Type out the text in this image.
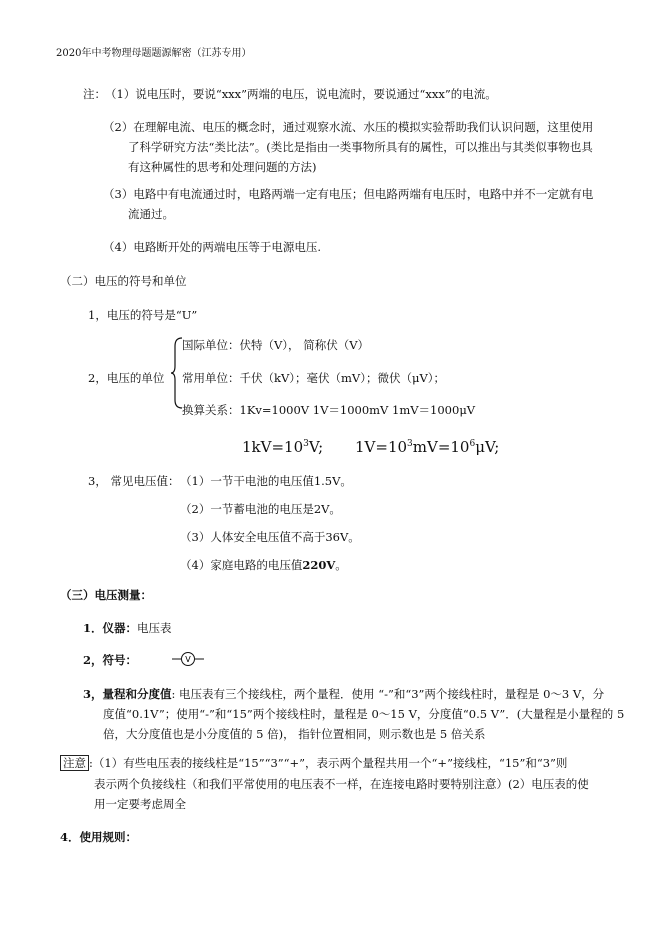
2020年中考物理母题题源解密（江苏专用）
注： （1）说电压时，要说“xxx”两端的电压，说电流时，要说通过“xxx”的电流。
（2）在理解电流、电压的概念时，通过观察水流、水压的模拟实验帮助我们认识问题，这里使用
了科学研究方法“类比法”。(类比是指由一类事物所具有的属性，可以推出与其类似事物也具
有这种属性的思考和处理问题的方法)
（3）电路中有电流通过时，电路两端一定有电压；但电路两端有电压时，电路中并不一定就有电
流通过。
（4）电路断开处的两端电压等于电源电压.
（二）电压的符号和单位
1，电压的符号是“U”
2，电压的单位
国际单位：伏特（V）， 简称伏（V）
常用单位：千伏（kV）；毫伏（mV）；微伏（μV）；
换算关系：1Kv=1000V 1V＝1000mV 1mV＝1000μV
$1kV=10^3V$; $1V=10^3mV=10^6\mu V$;
3， 常见电压值： （1）一节干电池的电压值1.5V。
（2）一节蓄电池的电压是2V。
（3）人体安全电压值不高于36V。
（4）家庭电路的电压值220V。
（三）电压测量：
1．仪器：电压表
2，符号：	V
3，量程和分度值: 电压表有三个接线柱，两个量程．使用 “-”和“3”两个接线柱时，量程是 0～3 V，分
度值“0.1V”；使用“-”和“15”两个接线柱时，量程是 0～15 V，分度值“0.5 V”．(大量程是小量程的 5
倍，大分度值也是小分度值的 5 倍)， 指针位置相同，则示数也是 5 倍关系
注意 :（1）有些电压表的接线柱是“15”“3”“+”，表示两个量程共用一个“+”接线柱，“15”和“3”则
表示两个负接线柱（和我们平常使用的电压表不一样，在连接电路时要特别注意）(2）电压表的使
用一定要考虑周全
4．使用规则：
